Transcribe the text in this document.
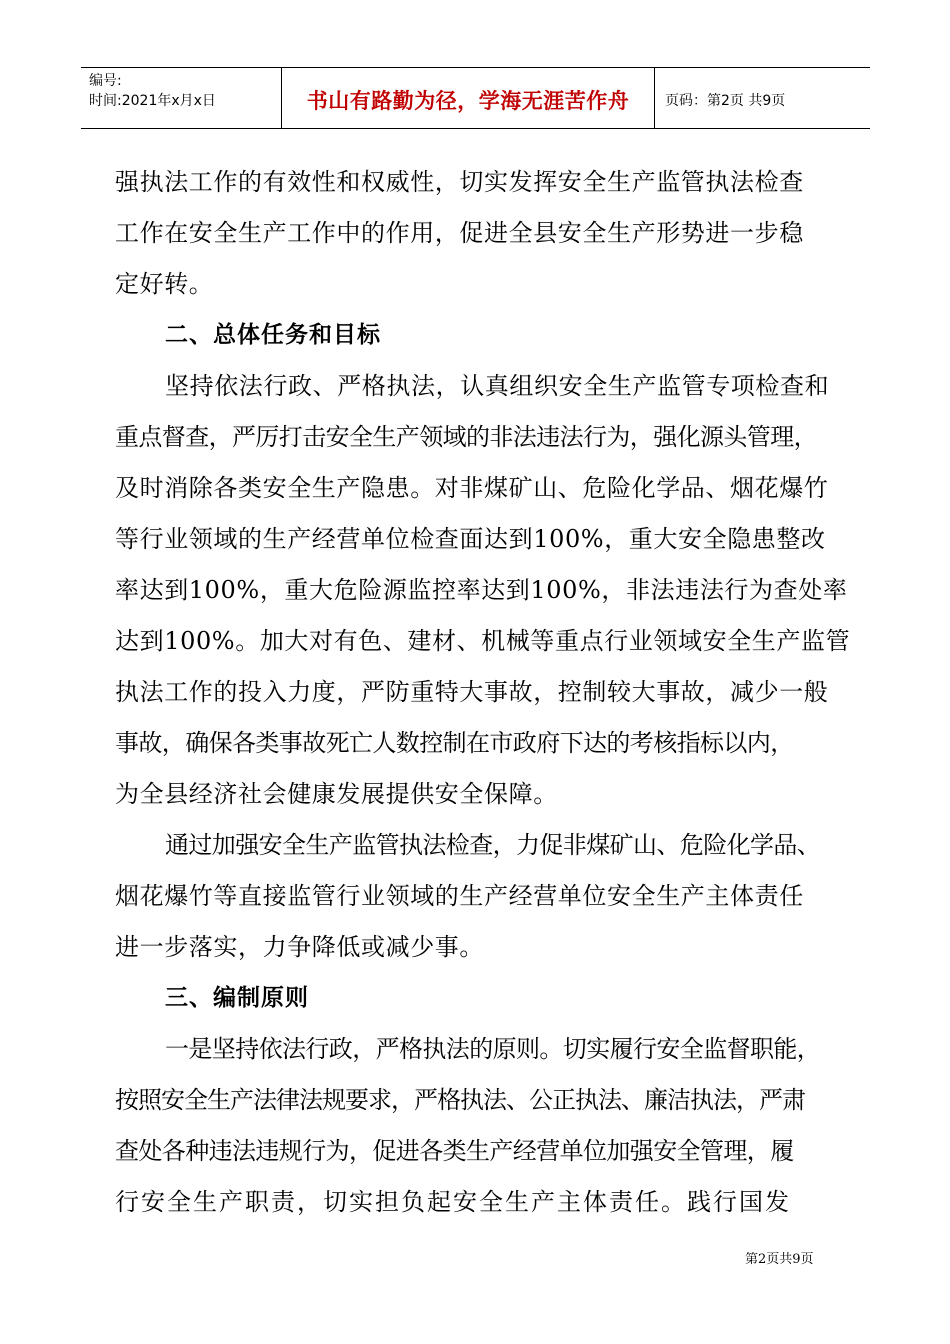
编号:
时间:2021年x月x日	书山有路勤为径，学海无涯苦作舟	页码：第2页 共9页
强执法工作的有效性和权威性，切实发挥安全生产监管执法检查
工作在安全生产工作中的作用，促进全县安全生产形势进一步稳
定好转。
二、总体任务和目标
坚持依法行政、严格执法，认真组织安全生产监管专项检查和
重点督查，严厉打击安全生产领域的非法违法行为，强化源头管理，
及时消除各类安全生产隐患。对非煤矿山、危险化学品、烟花爆竹
等行业领域的生产经营单位检查面达到100%，重大安全隐患整改
率达到100%，重大危险源监控率达到100%，非法违法行为查处率
达到100%。加大对有色、建材、机械等重点行业领域安全生产监管
执法工作的投入力度，严防重特大事故，控制较大事故，减少一般
事故，确保各类事故死亡人数控制在市政府下达的考核指标以内，
为全县经济社会健康发展提供安全保障。
通过加强安全生产监管执法检查，力促非煤矿山、危险化学品、
烟花爆竹等直接监管行业领域的生产经营单位安全生产主体责任
进一步落实，力争降低或减少事。
三、编制原则
一是坚持依法行政，严格执法的原则。切实履行安全监督职能，
按照安全生产法律法规要求，严格执法、公正执法、廉洁执法，严肃
查处各种违法违规行为，促进各类生产经营单位加强安全管理，履
行安全生产职责，切实担负起安全生产主体责任。践行国发
第2页共9页
